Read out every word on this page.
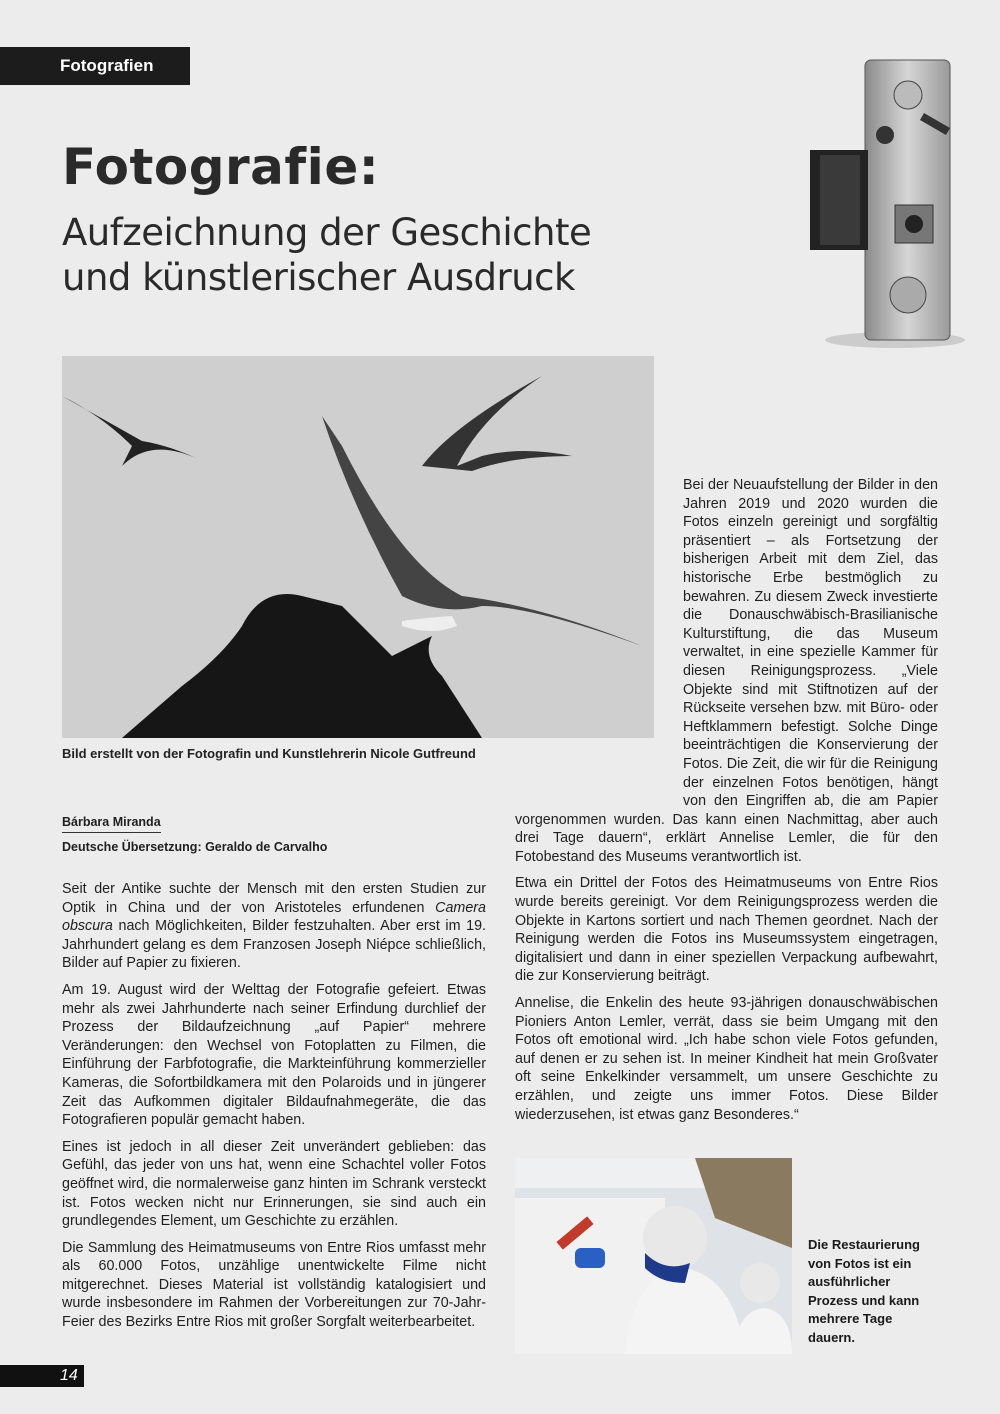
Fotografien
Fotografie:
Aufzeichnung der Geschichte
und künstlerischer Ausdruck
Bild erstellt von der Fotografin und Kunstlehrerin Nicole Gutfreund
Bárbara Miranda
Deutsche Übersetzung: Geraldo de Carvalho

Seit der Antike suchte der Mensch mit den ersten Studien zur Optik in China und der von Aristoteles erfundenen Camera obscura nach Möglichkeiten, Bilder festzuhalten. Aber erst im 19. Jahrhundert gelang es dem Franzosen Joseph Niépce schließlich, Bilder auf Papier zu fixieren.

Am 19. August wird der Welttag der Fotografie gefeiert. Etwas mehr als zwei Jahrhunderte nach seiner Erfindung durchlief der Prozess der Bildaufzeichnung „auf Papier“ mehrere Veränderungen: den Wechsel von Fotoplatten zu Filmen, die Einführung der Farbfotografie, die Markteinführung kommerzieller Kameras, die Sofortbildkamera mit den Polaroids und in jüngerer Zeit das Aufkommen digitaler Bildaufnahmegeräte, die das Fotografieren populär gemacht haben.

Eines ist jedoch in all dieser Zeit unverändert geblieben: das Gefühl, das jeder von uns hat, wenn eine Schachtel voller Fotos geöffnet wird, die normalerweise ganz hinten im Schrank versteckt ist. Fotos wecken nicht nur Erinnerungen, sie sind auch ein grundlegendes Element, um Geschichte zu erzählen.

Die Sammlung des Heimatmuseums von Entre Rios umfasst mehr als 60.000 Fotos, unzählige unentwickelte Filme nicht mitgerechnet. Dieses Material ist vollständig katalogisiert und wurde insbesondere im Rahmen der Vorbereitungen zur 70-Jahr-Feier des Bezirks Entre Rios mit großer Sorgfalt weiterbearbeitet.

Bei der Neuaufstellung der Bilder in den Jahren 2019 und 2020 wurden die Fotos einzeln gereinigt und sorgfältig präsentiert – als Fortsetzung der bisherigen Arbeit mit dem Ziel, das historische Erbe bestmöglich zu bewahren. Zu diesem Zweck investierte die Donauschwäbisch-Brasilianische Kulturstiftung, die das Museum verwaltet, in eine spezielle Kammer für diesen Reinigungsprozess. „Viele Objekte sind mit Stiftnotizen auf der Rückseite versehen bzw. mit Büro- oder Heftklammern befestigt. Solche Dinge beeinträchtigen die Konservierung der Fotos. Die Zeit, die wir für die Reinigung der einzelnen Fotos benötigen, hängt von den Eingriffen ab, die am Papier vorgenommen wurden. Das kann einen Nachmittag, aber auch drei Tage dauern“, erklärt Annelise Lemler, die für den Fotobestand des Museums verantwortlich ist.

Etwa ein Drittel der Fotos des Heimatmuseums von Entre Rios wurde bereits gereinigt. Vor dem Reinigungsprozess werden die Objekte in Kartons sortiert und nach Themen geordnet. Nach der Reinigung werden die Fotos ins Museumssystem eingetragen, digitalisiert und dann in einer speziellen Verpackung aufbewahrt, die zur Konservierung beiträgt.

Annelise, die Enkelin des heute 93-jährigen donauschwäbischen Pioniers Anton Lemler, verrät, dass sie beim Umgang mit den Fotos oft emotional wird. „Ich habe schon viele Fotos gefunden, auf denen er zu sehen ist. In meiner Kindheit hat mein Großvater oft seine Enkelkinder versammelt, um unsere Geschichte zu erzählen, und zeigte uns immer Fotos. Diese Bilder wiederzusehen, ist etwas ganz Besonderes.“

Die Restaurierung von Fotos ist ein ausführlicher Prozess und kann mehrere Tage dauern.
14
